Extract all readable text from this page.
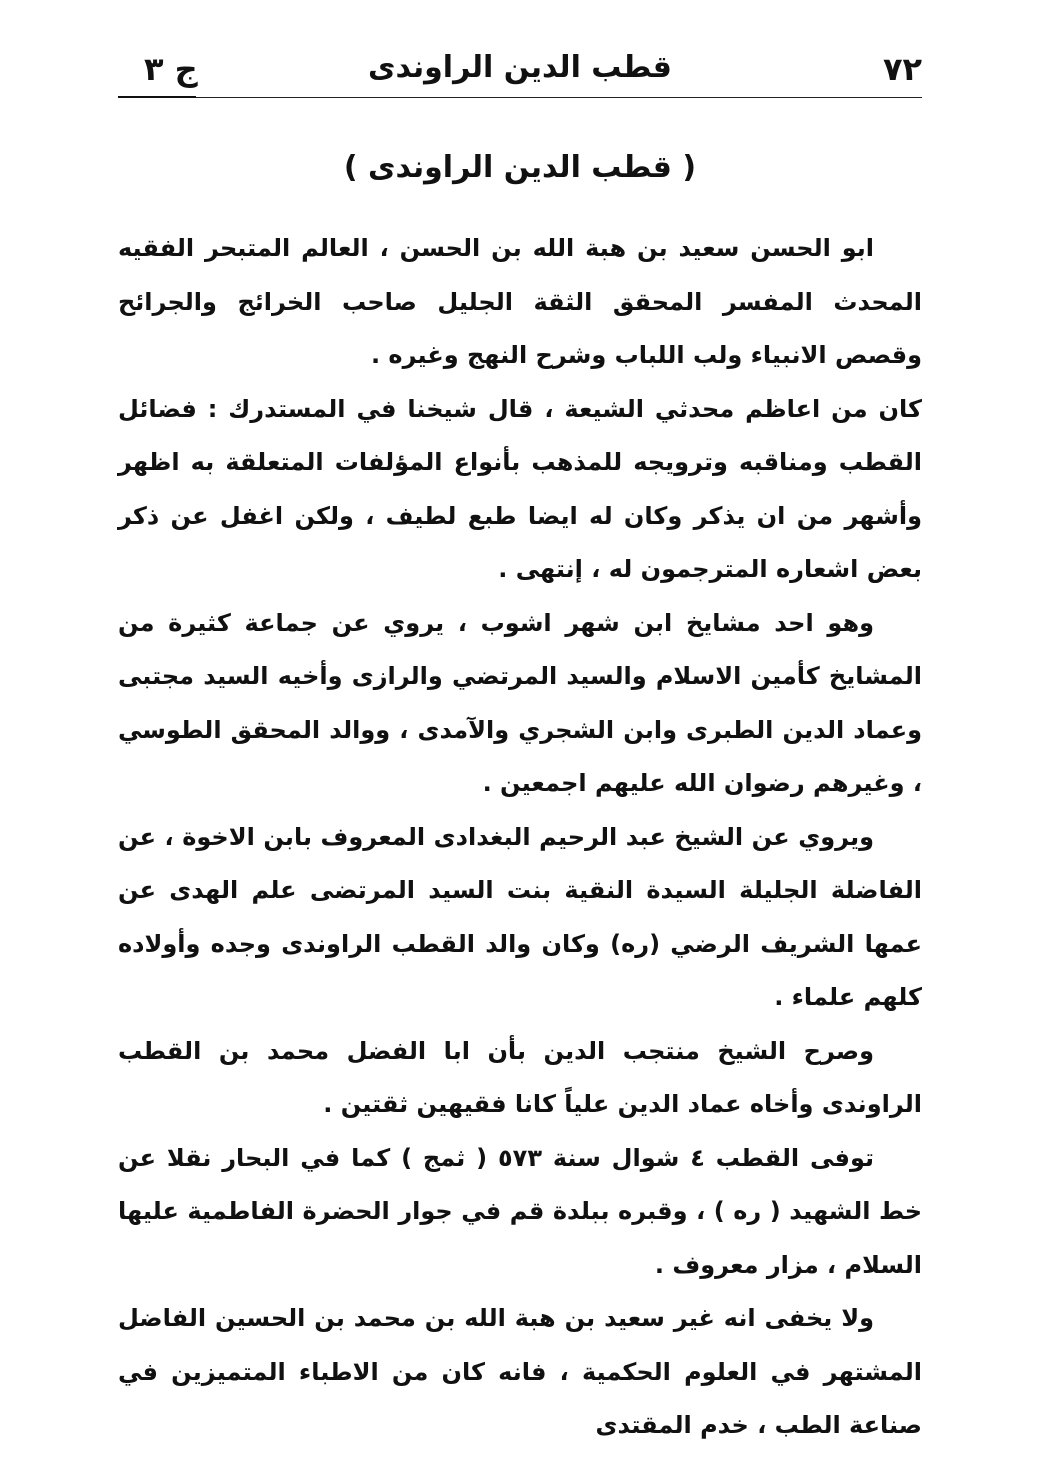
٧٢
قطب الدين الراوندى
ج ٣
( قطب الدين الراوندى )

ابو الحسن سعيد بن هبة الله بن الحسن ، العالم المتبحر الفقيه المحدث المفسر المحقق الثقة الجليل صاحب الخرائج والجرائح وقصص الانبياء ولب اللباب وشرح النهج وغيره .

كان من اعاظم محدثي الشيعة ، قال شيخنا في المستدرك : فضائل القطب ومناقبه وترويجه للمذهب بأنواع المؤلفات المتعلقة به اظهر وأشهر من ان يذكر وكان له ايضا طبع لطيف ، ولكن اغفل عن ذكر بعض اشعاره المترجمون له ، إنتهى .

وهو احد مشايخ ابن شهر اشوب ، يروي عن جماعة كثيرة من المشايخ كأمين الاسلام والسيد المرتضي والرازى وأخيه السيد مجتبى وعماد الدين الطبرى وابن الشجري والآمدى ، ووالد المحقق الطوسي ، وغيرهم رضوان الله عليهم اجمعين .

ويروي عن الشيخ عبد الرحيم البغدادى المعروف بابن الاخوة ، عن الفاضلة الجليلة السيدة النقية بنت السيد المرتضى علم الهدى عن عمها الشريف الرضي (ره) وكان والد القطب الراوندى وجده وأولاده كلهم علماء .

وصرح الشيخ منتجب الدين بأن ابا الفضل محمد بن القطب الراوندى وأخاه عماد الدين علياً كانا فقيهين ثقتين .

توفى القطب ٤ شوال سنة ٥٧٣ ( ثمج ) كما في البحار نقلا عن خط الشهيد ( ره ) ، وقبره ببلدة قم في جوار الحضرة الفاطمية عليها السلام ، مزار معروف .

ولا يخفى انه غير سعيد بن هبة الله بن محمد بن الحسين الفاضل المشتهر في العلوم الحكمية ، فانه كان من الاطباء المتميزين في صناعة الطب ، خدم المقتدى
